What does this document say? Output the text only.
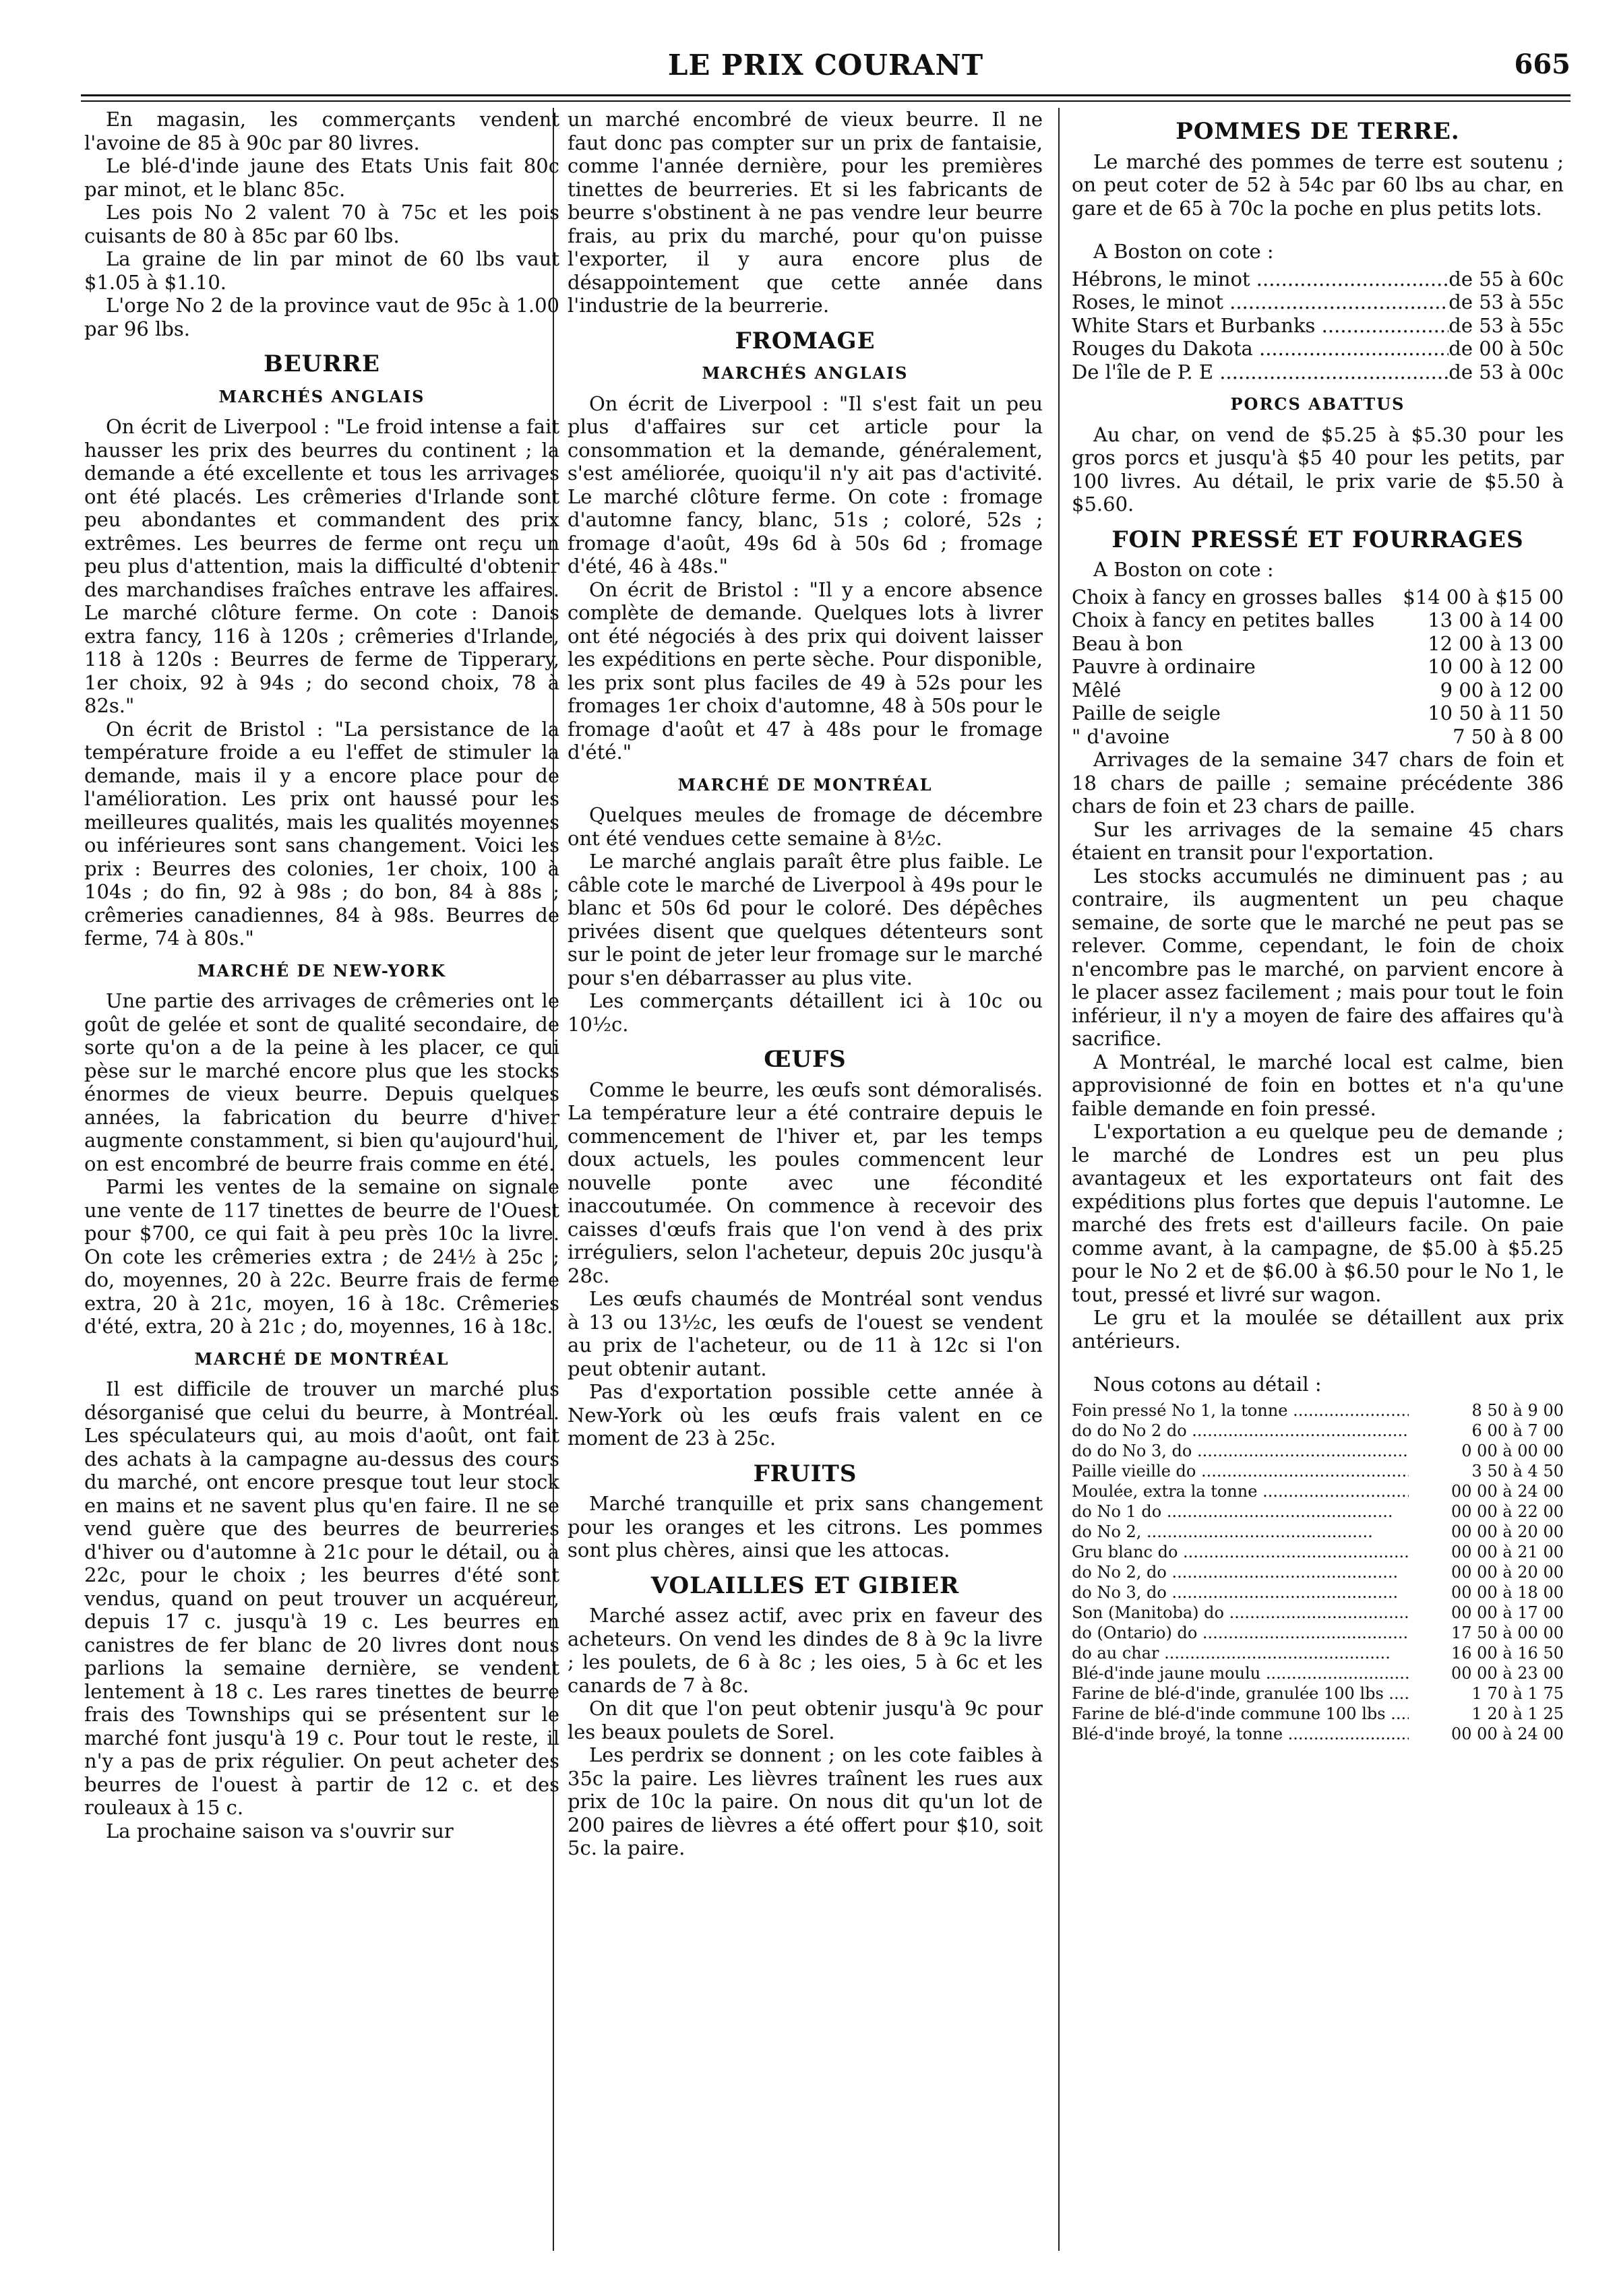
LE PRIX COURANT	665

En magasin, les commerçants vendent l'avoine de 85 à 90c par 80 livres.

Le blé-d'inde jaune des Etats Unis fait 80c par minot, et le blanc 85c.

Les pois No 2 valent 70 à 75c et les pois cuisants de 80 à 85c par 60 lbs.

La graine de lin par minot de 60 lbs vaut $1.05 à $1.10.

L'orge No 2 de la province vaut de 95c à 1.00 par 96 lbs.

BEURRE
MARCHÉS ANGLAIS

On écrit de Liverpool : "Le froid intense a fait hausser les prix des beurres du continent ; la demande a été excellente et tous les arrivages ont été placés. Les crêmeries d'Irlande sont peu abondantes et commandent des prix extrêmes. Les beurres de ferme ont reçu un peu plus d'attention, mais la difficulté d'obtenir des marchandises fraîches entrave les affaires. Le marché clôture ferme. On cote : Danois extra fancy, 116 à 120s ; crêmeries d'Irlande, 118 à 120s : Beurres de ferme de Tipperary, 1er choix, 92 à 94s ; do second choix, 78 à 82s."

On écrit de Bristol : "La persistance de la température froide a eu l'effet de stimuler la demande, mais il y a encore place pour de l'amélioration. Les prix ont haussé pour les meilleures qualités, mais les qualités moyennes ou inférieures sont sans changement. Voici les prix : Beurres des colonies, 1er choix, 100 à 104s ; do fin, 92 à 98s ; do bon, 84 à 88s ; crêmeries canadiennes, 84 à 98s. Beurres de ferme, 74 à 80s."

MARCHÉ DE NEW-YORK

Une partie des arrivages de crêmeries ont le goût de gelée et sont de qualité secondaire, de sorte qu'on a de la peine à les placer, ce qui pèse sur le marché encore plus que les stocks énormes de vieux beurre. Depuis quelques années, la fabrication du beurre d'hiver augmente constamment, si bien qu'aujourd'hui, on est encombré de beurre frais comme en été.

Parmi les ventes de la semaine on signale une vente de 117 tinettes de beurre de l'Ouest pour $700, ce qui fait à peu près 10c la livre. On cote les crêmeries extra ; de 24½ à 25c ; do, moyennes, 20 à 22c. Beurre frais de ferme extra, 20 à 21c, moyen, 16 à 18c. Crêmeries d'été, extra, 20 à 21c ; do, moyennes, 16 à 18c.

MARCHÉ DE MONTRÉAL

Il est difficile de trouver un marché plus désorganisé que celui du beurre, à Montréal. Les spéculateurs qui, au mois d'août, ont fait des achats à la campagne au-dessus des cours du marché, ont encore presque tout leur stock en mains et ne savent plus qu'en faire. Il ne se vend guère que des beurres de beurreries d'hiver ou d'automne à 21c pour le détail, ou à 22c, pour le choix ; les beurres d'été sont vendus, quand on peut trouver un acquéreur, depuis 17 c. jusqu'à 19 c. Les beurres en canistres de fer blanc de 20 livres dont nous parlions la semaine dernière, se vendent lentement à 18 c. Les rares tinettes de beurre frais des Townships qui se présentent sur le marché font jusqu'à 19 c. Pour tout le reste, il n'y a pas de prix régulier. On peut acheter des beurres de l'ouest à partir de 12 c. et des rouleaux à 15 c.

La prochaine saison va s'ouvrir sur

un marché encombré de vieux beurre. Il ne faut donc pas compter sur un prix de fantaisie, comme l'année dernière, pour les premières tinettes de beurreries. Et si les fabricants de beurre s'obstinent à ne pas vendre leur beurre frais, au prix du marché, pour qu'on puisse l'exporter, il y aura encore plus de désappointement que cette année dans l'industrie de la beurrerie.

FROMAGE
MARCHÉS ANGLAIS

On écrit de Liverpool : "Il s'est fait un peu plus d'affaires sur cet article pour la consommation et la demande, généralement, s'est améliorée, quoiqu'il n'y ait pas d'activité. Le marché clôture ferme. On cote : fromage d'automne fancy, blanc, 51s ; coloré, 52s ; fromage d'août, 49s 6d à 50s 6d ; fromage d'été, 46 à 48s."

On écrit de Bristol : "Il y a encore absence complète de demande. Quelques lots à livrer ont été négociés à des prix qui doivent laisser les expéditions en perte sèche. Pour disponible, les prix sont plus faciles de 49 à 52s pour les fromages 1er choix d'automne, 48 à 50s pour le fromage d'août et 47 à 48s pour le fromage d'été."

MARCHÉ DE MONTRÉAL

Quelques meules de fromage de décembre ont été vendues cette semaine à 8½c.

Le marché anglais paraît être plus faible. Le câble cote le marché de Liverpool à 49s pour le blanc et 50s 6d pour le coloré. Des dépêches privées disent que quelques détenteurs sont sur le point de jeter leur fromage sur le marché pour s'en débarrasser au plus vite.

Les commerçants détaillent ici à 10c ou 10½c.

ŒUFS

Comme le beurre, les œufs sont démoralisés. La température leur a été contraire depuis le commencement de l'hiver et, par les temps doux actuels, les poules commencent leur nouvelle ponte avec une fécondité inaccoutumée. On commence à recevoir des caisses d'œufs frais que l'on vend à des prix irréguliers, selon l'acheteur, depuis 20c jusqu'à 28c.

Les œufs chaumés de Montréal sont vendus à 13 ou 13½c, les œufs de l'ouest se vendent au prix de l'acheteur, ou de 11 à 12c si l'on peut obtenir autant.

Pas d'exportation possible cette année à New-York où les œufs frais valent en ce moment de 23 à 25c.

FRUITS

Marché tranquille et prix sans changement pour les oranges et les citrons. Les pommes sont plus chères, ainsi que les attocas.

VOLAILLES ET GIBIER

Marché assez actif, avec prix en faveur des acheteurs. On vend les dindes de 8 à 9c la livre ; les poulets, de 6 à 8c ; les oies, 5 à 6c et les canards de 7 à 8c.

On dit que l'on peut obtenir jusqu'à 9c pour les beaux poulets de Sorel.

Les perdrix se donnent ; on les cote faibles à 35c la paire. Les lièvres traînent les rues aux prix de 10c la paire. On nous dit qu'un lot de 200 paires de lièvres a été offert pour $10, soit 5c. la paire.

POMMES DE TERRE.

Le marché des pommes de terre est soutenu ; on peut coter de 52 à 54c par 60 lbs au char, en gare et de 65 à 70c la poche en plus petits lots.

A Boston on cote :

Hébrons, le minot .....	de 55 à 60c
Roses, le minot .....	de 53 à 55c
White Stars et Burbanks .....	de 53 à 55c
Rouges du Dakota .....	de 00 à 50c
De l'île de P. E .....	de 53 à 00c
PORCS ABATTUS

Au char, on vend de $5.25 à $5.30 pour les gros porcs et jusqu'à $5 40 pour les petits, par 100 livres. Au détail, le prix varie de $5.50 à $5.60.

FOIN PRESSÉ ET FOURRAGES

A Boston on cote :

Choix à fancy en grosses balles	$14 00 à $15 00
Choix à fancy en petites balles	13 00 à 14 00
Beau à bon	12 00 à 13 00
Pauvre à ordinaire	10 00 à 12 00
Mêlé	9 00 à 12 00
Paille de seigle	10 50 à 11 50
" d'avoine	7 50 à 8 00

Arrivages de la semaine 347 chars de foin et 18 chars de paille ; semaine précédente 386 chars de foin et 23 chars de paille.

Sur les arrivages de la semaine 45 chars étaient en transit pour l'exportation.

Les stocks accumulés ne diminuent pas ; au contraire, ils augmentent un peu chaque semaine, de sorte que le marché ne peut pas se relever. Comme, cependant, le foin de choix n'encombre pas le marché, on parvient encore à le placer assez facilement ; mais pour tout le foin inférieur, il n'y a moyen de faire des affaires qu'à sacrifice.

A Montréal, le marché local est calme, bien approvisionné de foin en bottes et n'a qu'une faible demande en foin pressé.

L'exportation a eu quelque peu de demande ; le marché de Londres est un peu plus avantageux et les exportateurs ont fait des expéditions plus fortes que depuis l'automne. Le marché des frets est d'ailleurs facile. On paie comme avant, à la campagne, de $5.00 à $5.25 pour le No 2 et de $6.00 à $6.50 pour le No 1, le tout, pressé et livré sur wagon.

Le gru et la moulée se détaillent aux prix antérieurs.

Nous cotons au détail :

Foin pressé No 1, la tonne .....	8 50 à 9 00
do do No 2 do .....	6 00 à 7 00
do do No 3, do .....	0 00 à 00 00
Paille vieille do .....	3 50 à 4 50
Moulée, extra la tonne .....	00 00 à 24 00
do No 1 do .....	00 00 à 22 00
do No 2, .....	00 00 à 20 00
Gru blanc do .....	00 00 à 21 00
do No 2, do .....	00 00 à 20 00
do No 3, do .....	00 00 à 18 00
Son (Manitoba) do .....	00 00 à 17 00
do (Ontario) do .....	17 50 à 00 00
do au char .....	16 00 à 16 50
Blé-d'inde jaune moulu .....	00 00 à 23 00
Farine de blé-d'inde, granulée 100 lbs .....	1 70 à 1 75
Farine de blé-d'inde commune 100 lbs .....	1 20 à 1 25
Blé-d'inde broyé, la tonne .....	00 00 à 24 00
